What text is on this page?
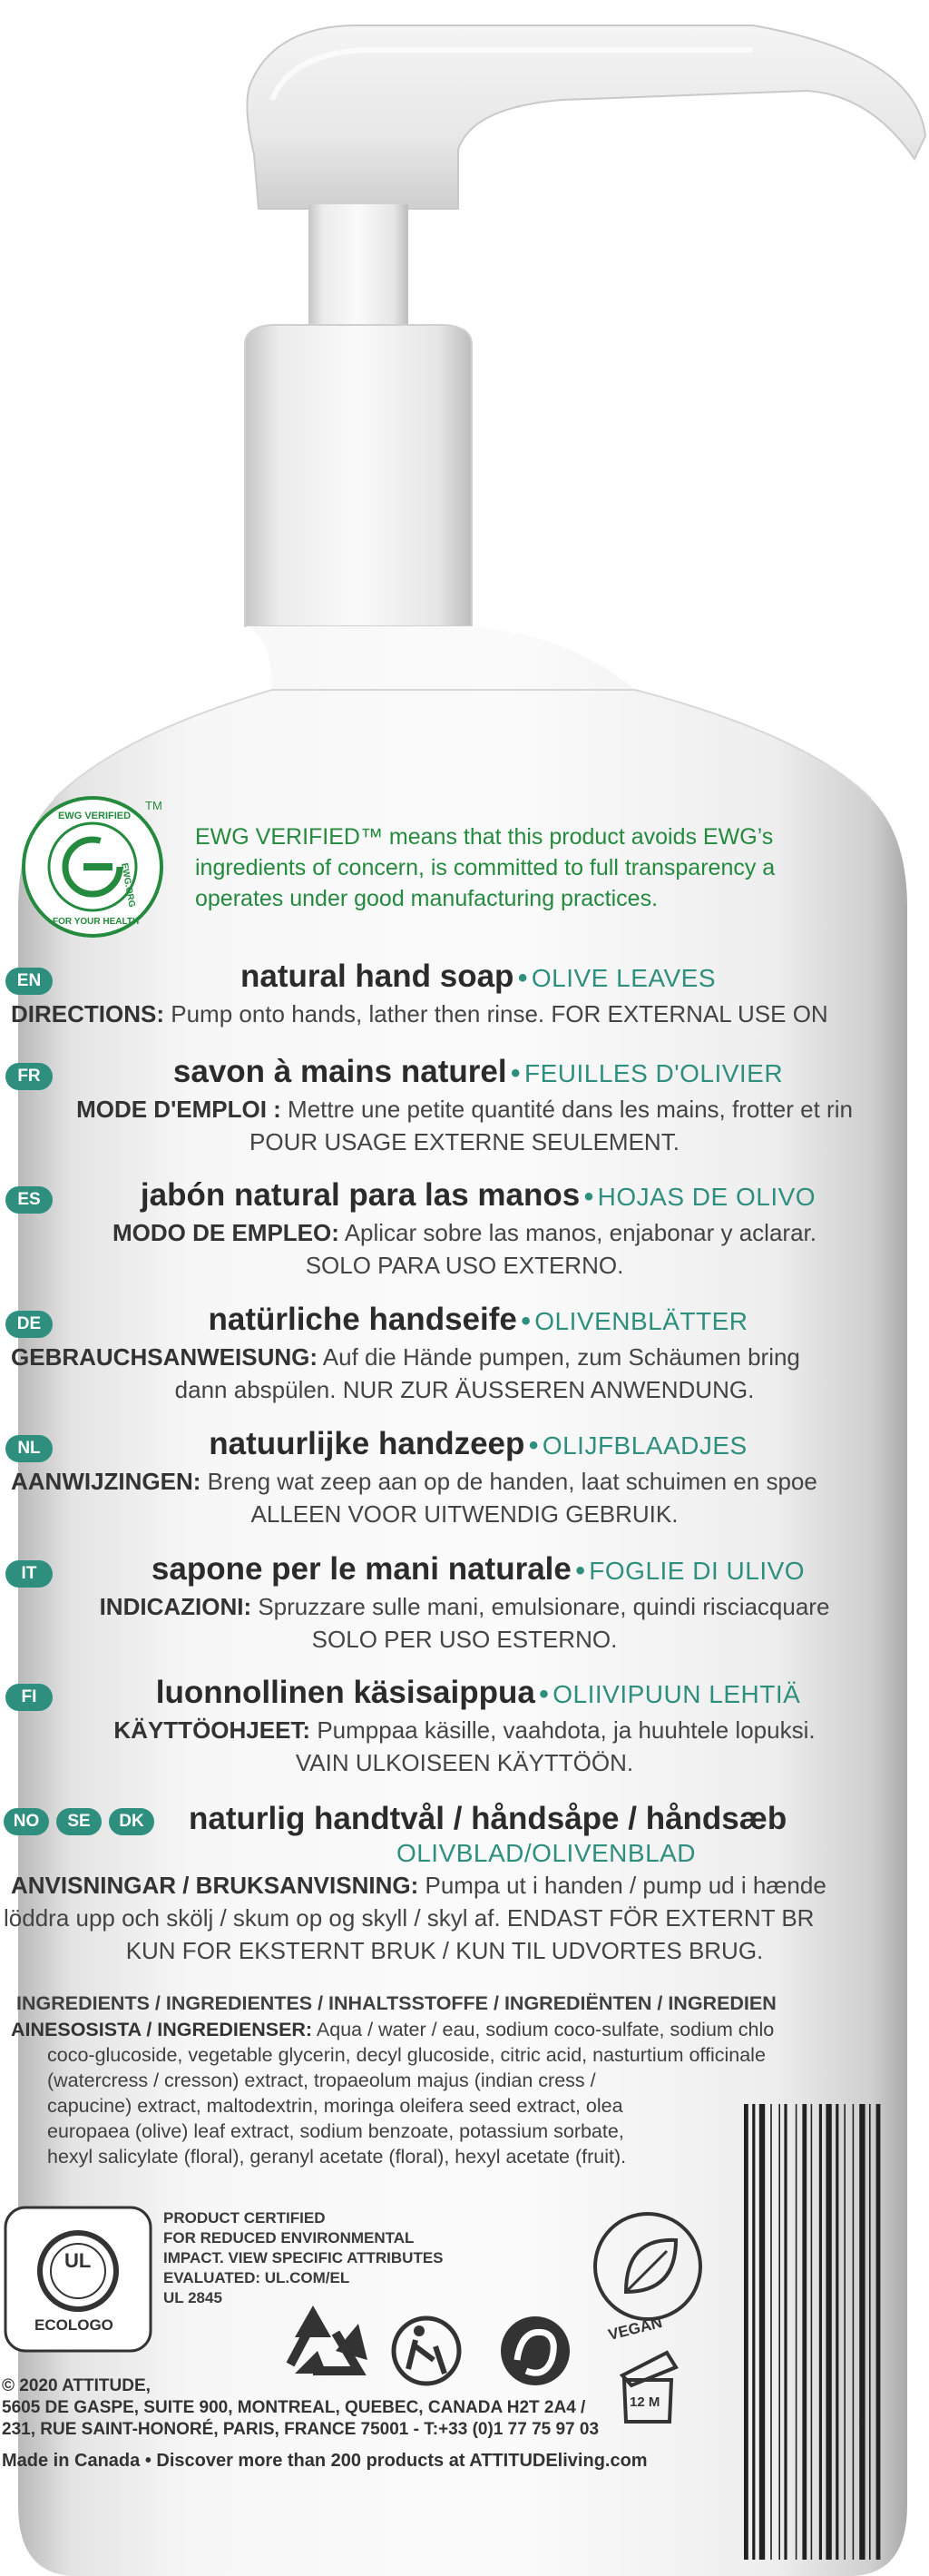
TM
EWG VERIFIED
EWG.ORG
FOR YOUR HEALTH
EWG VERIFIED™ means that this product avoids EWG’s
ingredients of concern, is committed to full transparency a
operates under good manufacturing practices.
EN	natural hand soap • OLIVE LEAVES
DIRECTIONS: Pump onto hands, lather then rinse. FOR EXTERNAL USE ON
FR	savon à mains naturel • FEUILLES D'OLIVIER
MODE D'EMPLOI : Mettre une petite quantité dans les mains, frotter et rin
POUR USAGE EXTERNE SEULEMENT.
ES	jabón natural para las manos • HOJAS DE OLIVO
MODO DE EMPLEO: Aplicar sobre las manos, enjabonar y aclarar.
SOLO PARA USO EXTERNO.
DE	natürliche handseife • OLIVENBLÄTTER
GEBRAUCHSANWEISUNG: Auf die Hände pumpen, zum Schäumen bring
dann abspülen. NUR ZUR ÄUSSEREN ANWENDUNG.
NL	natuurlijke handzeep • OLIJFBLAADJES
AANWIJZINGEN: Breng wat zeep aan op de handen, laat schuimen en spoe
ALLEEN VOOR UITWENDIG GEBRUIK.
IT	sapone per le mani naturale • FOGLIE DI ULIVO
INDICAZIONI: Spruzzare sulle mani, emulsionare, quindi risciacquare
SOLO PER USO ESTERNO.
FI	luonnollinen käsisaippua • OLIIVIPUUN LEHTIÄ
KÄYTTÖOHJEET: Pumppaa käsille, vaahdota, ja huuhtele lopuksi.
VAIN ULKOISEEN KÄYTTÖÖN.
NO	SE	DK	naturlig handtvål / håndsåpe / håndsæb
OLIVBLAD/OLIVENBLAD
ANVISNINGAR / BRUKSANVISNING: Pumpa ut i handen / pump ud i hænde
löddra upp och skölj / skum op og skyll / skyl af. ENDAST FÖR EXTERNT BR
KUN FOR EKSTERNT BRUK / KUN TIL UDVORTES BRUG.
INGREDIENTS / INGREDIENTES / INHALTSSTOFFE / INGREDIËNTEN / INGREDIEN
AINESOSISTA / INGREDIENSER: Aqua / water / eau, sodium coco-sulfate, sodium chlo
coco-glucoside, vegetable glycerin, decyl glucoside, citric acid, nasturtium officinale
(watercress / cresson) extract, tropaeolum majus (indian cress /
capucine) extract, maltodextrin, moringa oleifera seed extract, olea
europaea (olive) leaf extract, sodium benzoate, potassium sorbate,
hexyl salicylate (floral), geranyl acetate (floral), hexyl acetate (fruit).
PRODUCT CERTIFIED
FOR REDUCED ENVIRONMENTAL
IMPACT. VIEW SPECIFIC ATTRIBUTES
EVALUATED: UL.COM/EL
UL 2845
UL
ECOLOGO	VEGAN
12 M
© 2020 ATTITUDE,
5605 DE GASPE, SUITE 900, MONTREAL, QUEBEC, CANADA H2T 2A4 /
231, RUE SAINT-HONORÉ, PARIS, FRANCE 75001 - T:+33 (0)1 77 75 97 03
Made in Canada • Discover more than 200 products at ATTITUDEliving.com
